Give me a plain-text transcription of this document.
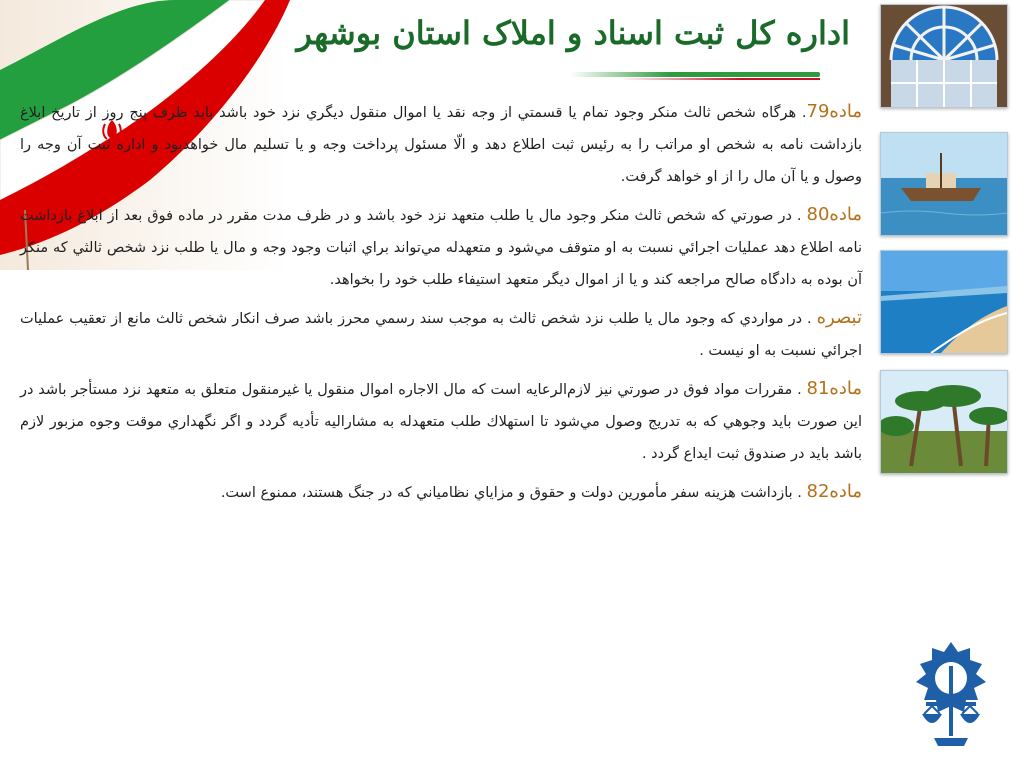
اداره کل ثبت اسناد و املاک استان بوشهر

ماده79. هرگاه شخص ثالث منكر وجود تمام يا قسمتي از وجه نقد يا اموال منقول ديگري نزد خود باشد بايد ظرف پنج روز از تاريخ ابلاغ بازداشت نامه به شخص او مراتب را به رئيس ثبت اطلاع دهد و الّا مسئول پرداخت وجه و يا تسليم مال خواهدبود و اداره ثبت آن وجه را وصول و يا آن مال را از او خواهد گرفت.

ماده80 . در صورتي كه شخص ثالث منكر وجود مال يا طلب متعهد نزد خود باشد و در ظرف مدت مقرر در ماده فوق بعد از ابلاغ بازداشت نامه اطلاع دهد عمليات اجرائي نسبت به او متوقف مي‌شود و متعهدله مي‌تواند براي اثبات وجود وجه و مال يا طلب نزد شخص ثالثي كه منكر آن بوده به دادگاه صالح مراجعه كند و يا از اموال ديگر متعهد استيفاء طلب خود را بخواهد.

تبصره . در مواردي كه وجود مال يا طلب نزد شخص ثالث به موجب سند رسمي محرز باشد صرف انكار شخص ثالث مانع از تعقيب عمليات اجرائي نسبت به او نيست .

ماده81 . مقررات مواد فوق در صورتي نيز لازم‌الرعايه است كه مال الاجاره اموال منقول يا غيرمنقول متعلق به متعهد نزد مستأجر باشد در اين صورت بايد وجوهي كه به تدريج وصول مي‌شود تا استهلاك طلب متعهدله به مشاراليه تأديه گردد و اگر نگهداري موقت وجوه مزبور لازم باشد بايد در صندوق ثبت ايداع گردد .

ماده82 . بازداشت هزينه سفر مأمورين دولت و حقوق و مزاياي نظامياني كه در جنگ هستند، ممنوع است.
